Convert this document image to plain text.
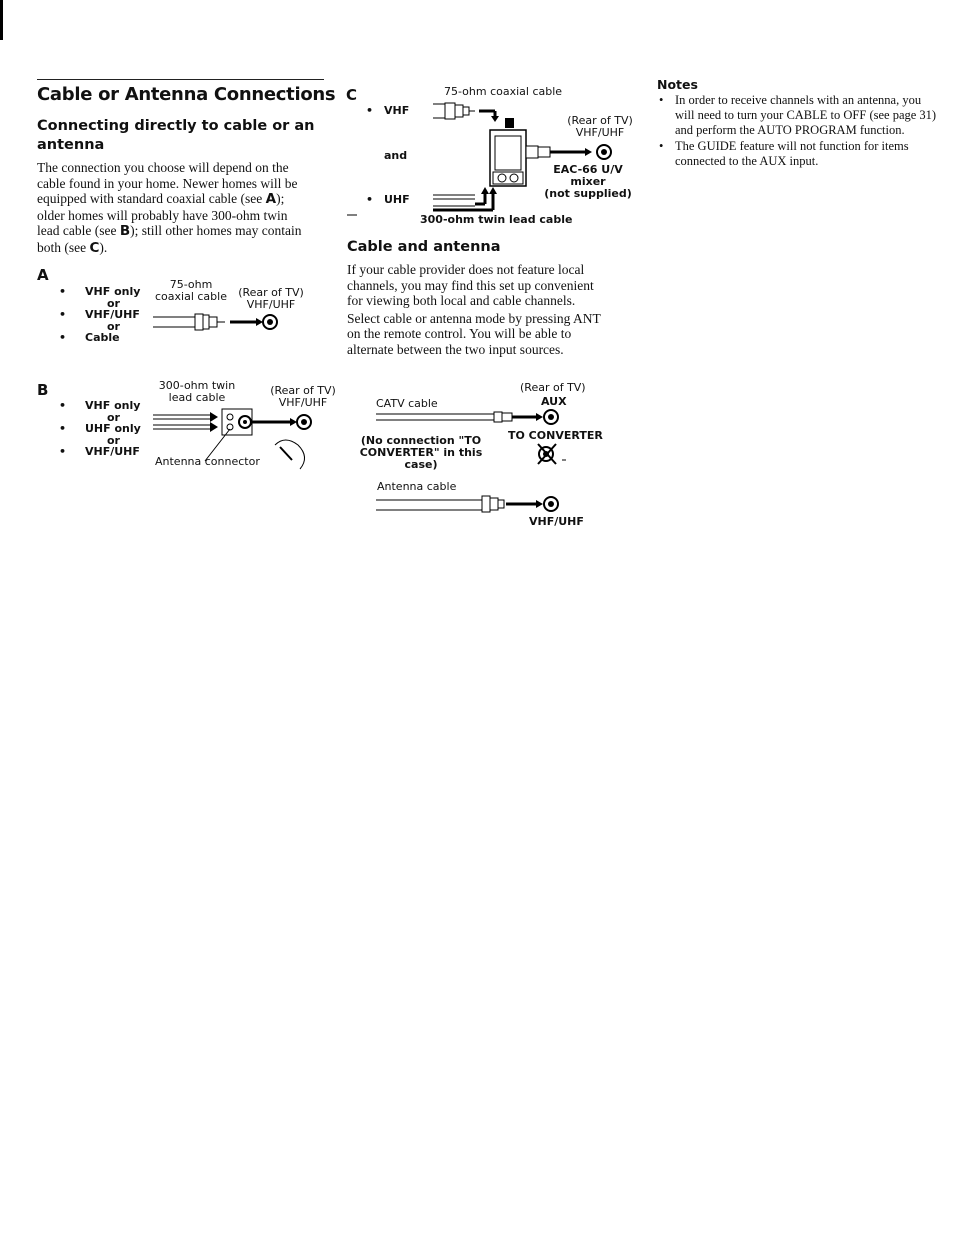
Cable or Antenna Connections
Connecting directly to cable or an
antenna
The connection you choose will depend on the
cable found in your home. Newer homes will be
equipped with standard coaxial cable (see A);
older homes will probably have 300-ohm twin
lead cable (see B); still other homes may contain
both (see C).
A
• VHF only
or
• VHF/UHF
or
• Cable
75-ohm
coaxial cable (Rear of TV)
VHF/UHF
B
• VHF only
or
• UHF only
or
• VHF/UHF
300-ohm twin
lead cable
(Rear of TV)
VHF/UHF
Antenna connector
C	75-ohm coaxial cable
• VHF
and
• UHF
(Rear of TV)
VHF/UHF
EAC-66 U/V mixer
(not supplied)
300-ohm twin lead cable
Cable and antenna
If your cable provider does not feature local
channels, you may find this set up convenient
for viewing both local and cable channels.
Select cable or antenna mode by pressing ANT
on the remote control. You will be able to
alternate between the two input sources.
(Rear of TV)
AUX
CATV cable
TO CONVERTER
(No connection "TO
CONVERTER" in this case)
Antenna cable
VHF/UHF
Notes
• In order to receive channels with an antenna, you will need to turn your CABLE to OFF (see page 31) and perform the AUTO PROGRAM function.
• The GUIDE feature will not function for items connected to the AUX input.
